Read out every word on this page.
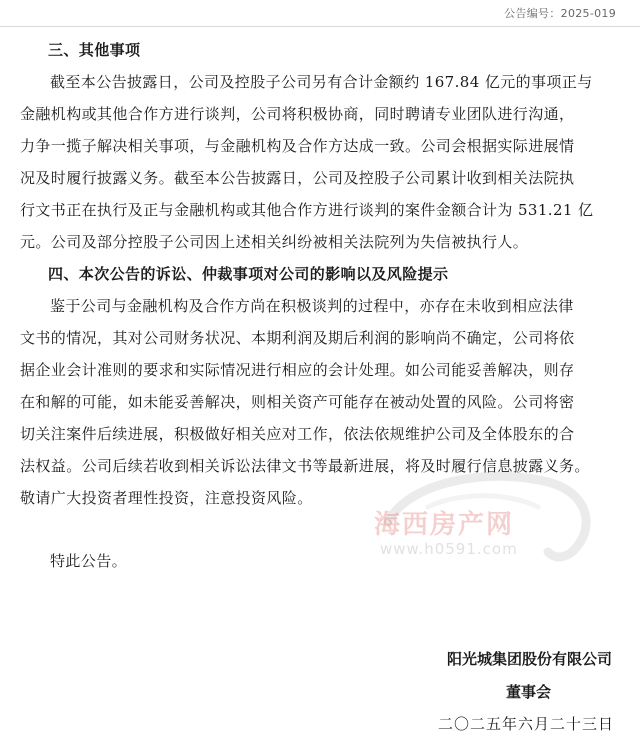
公告编号：2025-019
海西房产网
www.h0591.com
三、其他事项
截至本公告披露日，公司及控股子公司另有合计金额约 167.84 亿元的事项正与
金融机构或其他合作方进行谈判，公司将积极协商，同时聘请专业团队进行沟通，
力争一揽子解决相关事项，与金融机构及合作方达成一致。公司会根据实际进展情
况及时履行披露义务。截至本公告披露日，公司及控股子公司累计收到相关法院执
行文书正在执行及正与金融机构或其他合作方进行谈判的案件金额合计为 531.21 亿
元。公司及部分控股子公司因上述相关纠纷被相关法院列为失信被执行人。
四、本次公告的诉讼、仲裁事项对公司的影响以及风险提示
鉴于公司与金融机构及合作方尚在积极谈判的过程中，亦存在未收到相应法律
文书的情况，其对公司财务状况、本期利润及期后利润的影响尚不确定，公司将依
据企业会计准则的要求和实际情况进行相应的会计处理。如公司能妥善解决，则存
在和解的可能，如未能妥善解决，则相关资产可能存在被动处置的风险。公司将密
切关注案件后续进展，积极做好相关应对工作，依法依规维护公司及全体股东的合
法权益。公司后续若收到相关诉讼法律文书等最新进展，将及时履行信息披露义务。
敬请广大投资者理性投资，注意投资风险。
特此公告。
阳光城集团股份有限公司
董事会
二〇二五年六月二十三日
